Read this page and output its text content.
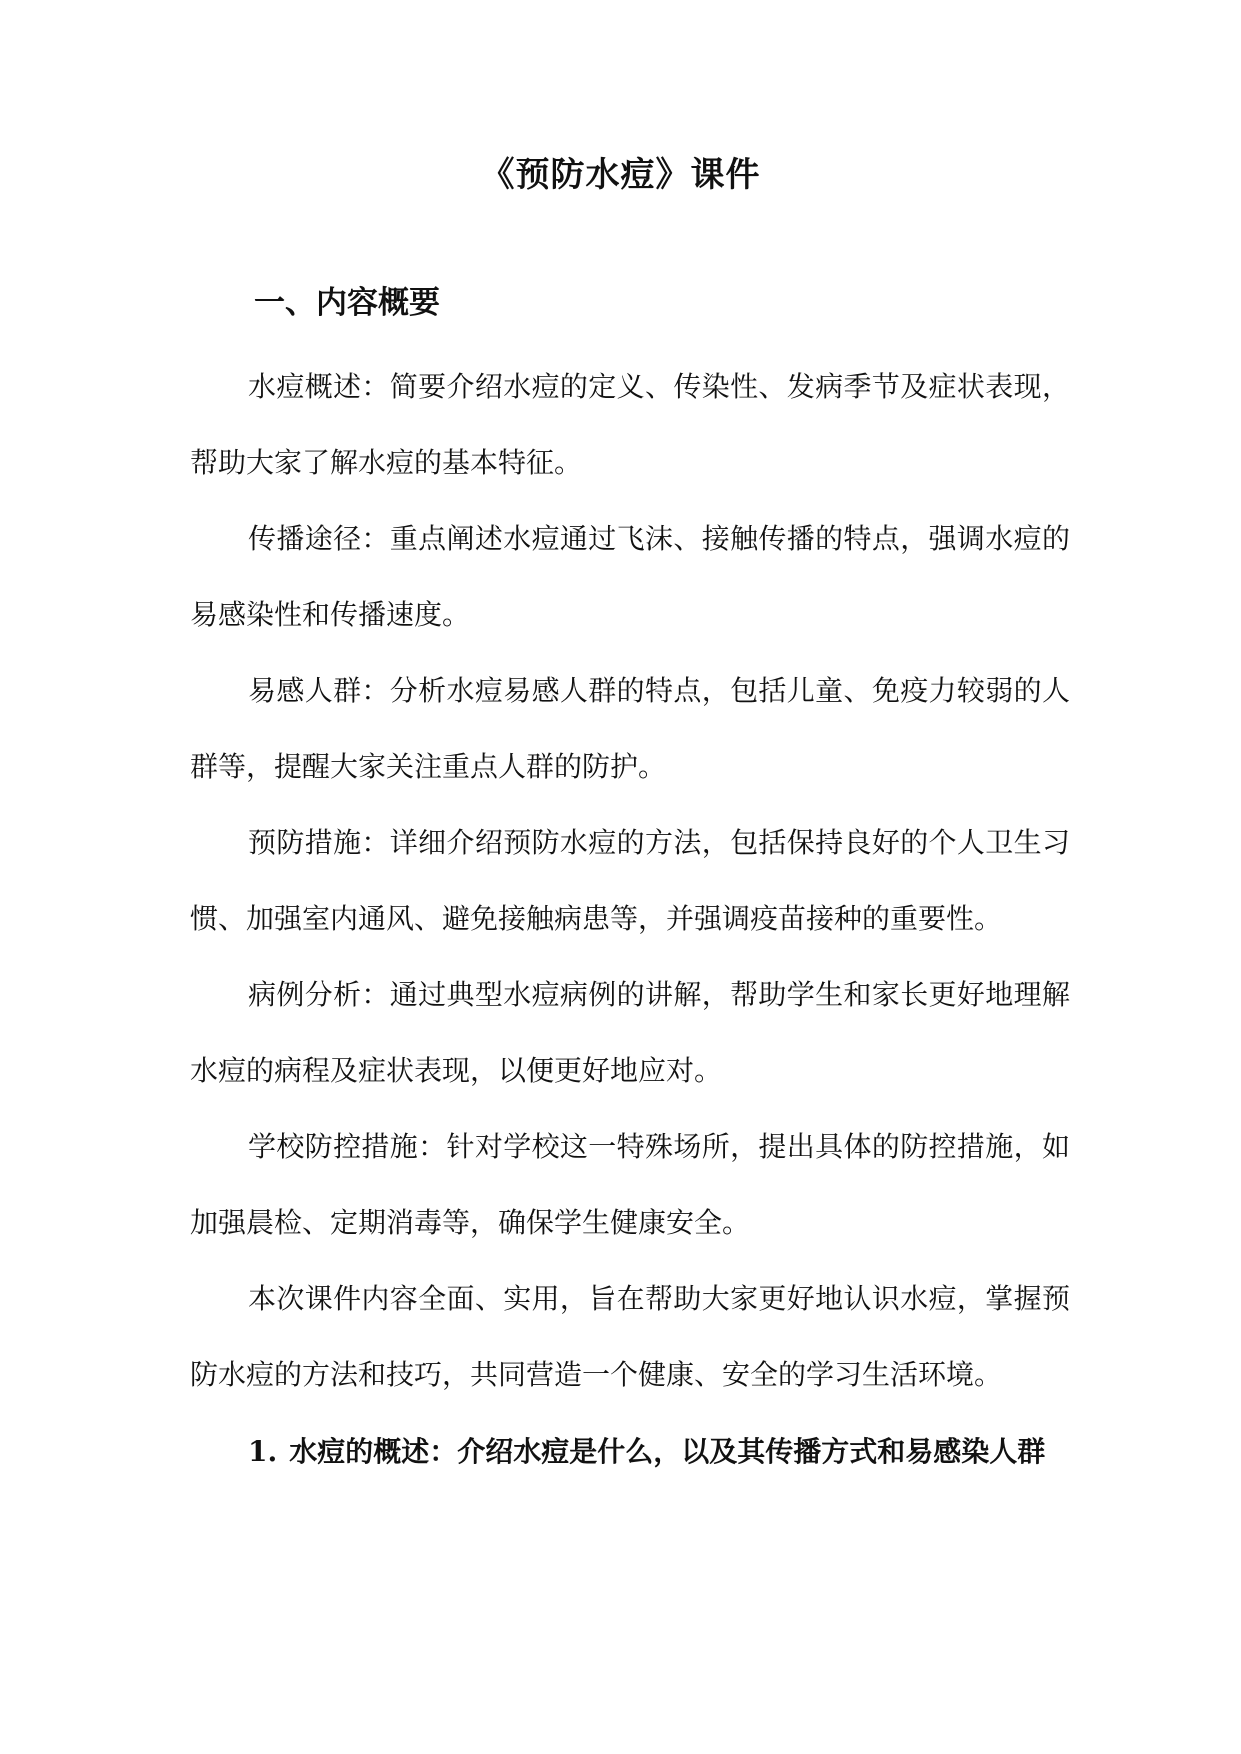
《预防水痘》课件
一、内容概要

水痘概述：简要介绍水痘的定义、传染性、发病季节及症状表现，帮助大家了解水痘的基本特征。

传播途径：重点阐述水痘通过飞沫、接触传播的特点，强调水痘的易感染性和传播速度。

易感人群：分析水痘易感人群的特点，包括儿童、免疫力较弱的人群等，提醒大家关注重点人群的防护。

预防措施：详细介绍预防水痘的方法，包括保持良好的个人卫生习惯、加强室内通风、避免接触病患等，并强调疫苗接种的重要性。

病例分析：通过典型水痘病例的讲解，帮助学生和家长更好地理解水痘的病程及症状表现，以便更好地应对。

学校防控措施：针对学校这一特殊场所，提出具体的防控措施，如加强晨检、定期消毒等，确保学生健康安全。

本次课件内容全面、实用，旨在帮助大家更好地认识水痘，掌握预防水痘的方法和技巧，共同营造一个健康、安全的学习生活环境。

1. 水痘的概述：介绍水痘是什么，以及其传播方式和易感染人群
